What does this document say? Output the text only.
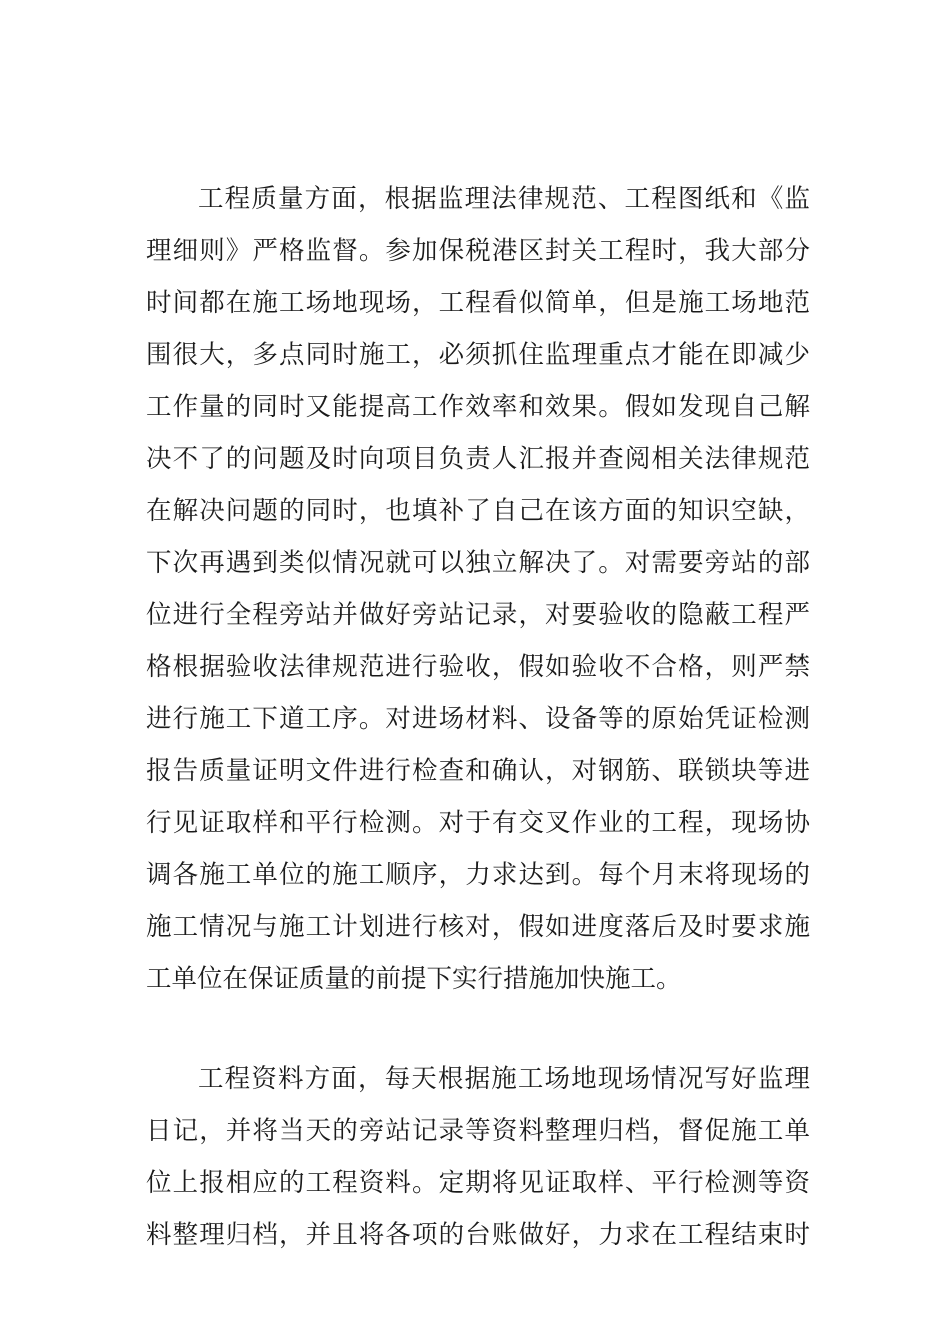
工程质量方面，根据监理法律规范、工程图纸和《监
理细则》严格监督。参加保税港区封关工程时，我大部分
时间都在施工场地现场，工程看似简单，但是施工场地范
围很大，多点同时施工，必须抓住监理重点才能在即减少
工作量的同时又能提高工作效率和效果。假如发现自己解
决不了的问题及时向项目负责人汇报并查阅相关法律规范
在解决问题的同时，也填补了自己在该方面的知识空缺，
下次再遇到类似情况就可以独立解决了。对需要旁站的部
位进行全程旁站并做好旁站记录，对要验收的隐蔽工程严
格根据验收法律规范进行验收，假如验收不合格，则严禁
进行施工下道工序。对进场材料、设备等的原始凭证检测
报告质量证明文件进行检查和确认，对钢筋、联锁块等进
行见证取样和平行检测。对于有交叉作业的工程，现场协
调各施工单位的施工顺序，力求达到。每个月末将现场的
施工情况与施工计划进行核对，假如进度落后及时要求施
工单位在保证质量的前提下实行措施加快施工。
工程资料方面，每天根据施工场地现场情况写好监理
日记，并将当天的旁站记录等资料整理归档，督促施工单
位上报相应的工程资料。定期将见证取样、平行检测等资
料整理归档，并且将各项的台账做好，力求在工程结束时
